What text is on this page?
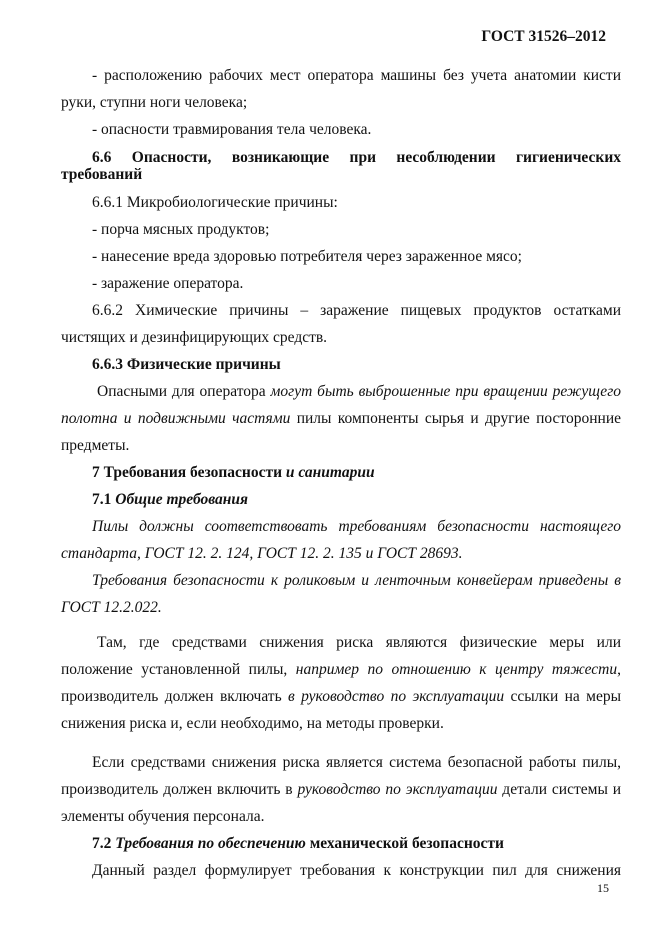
ГОСТ 31526–2012

- расположению рабочих мест оператора машины без учета анатомии кисти руки, ступни ноги человека;

- опасности травмирования тела человека.

6.6 Опасности, возникающие при несоблюдении гигиенических требований

6.6.1 Микробиологические причины:

- порча мясных продуктов;

- нанесение вреда здоровью потребителя через зараженное мясо;

- заражение оператора.

6.6.2 Химические причины – заражение пищевых продуктов остатками чистящих и дезинфицирующих средств.

6.6.3 Физические причины

Опасными для оператора могут быть выброшенные при вращении режущего полотна и подвижными частями пилы компоненты сырья и другие посторонние предметы.

7 Требования безопасности и санитарии

7.1 Общие требования

Пилы должны соответствовать требованиям безопасности настоящего стандарта, ГОСТ 12. 2. 124, ГОСТ 12. 2. 135 и ГОСТ 28693.

Требования безопасности к роликовым и ленточным конвейерам приведены в ГОСТ 12.2.022.

Там, где средствами снижения риска являются физические меры или положение установленной пилы, например по отношению к центру тяжести, производитель должен включать в руководство по эксплуатации ссылки на меры снижения риска и, если необходимо, на методы проверки.

Если средствами снижения риска является система безопасной работы пилы, производитель должен включить в руководство по эксплуатации детали системы и элементы обучения персонала.

7.2 Требования по обеспечению механической безопасности

Данный раздел формулирует требования к конструкции пил для снижения

15
